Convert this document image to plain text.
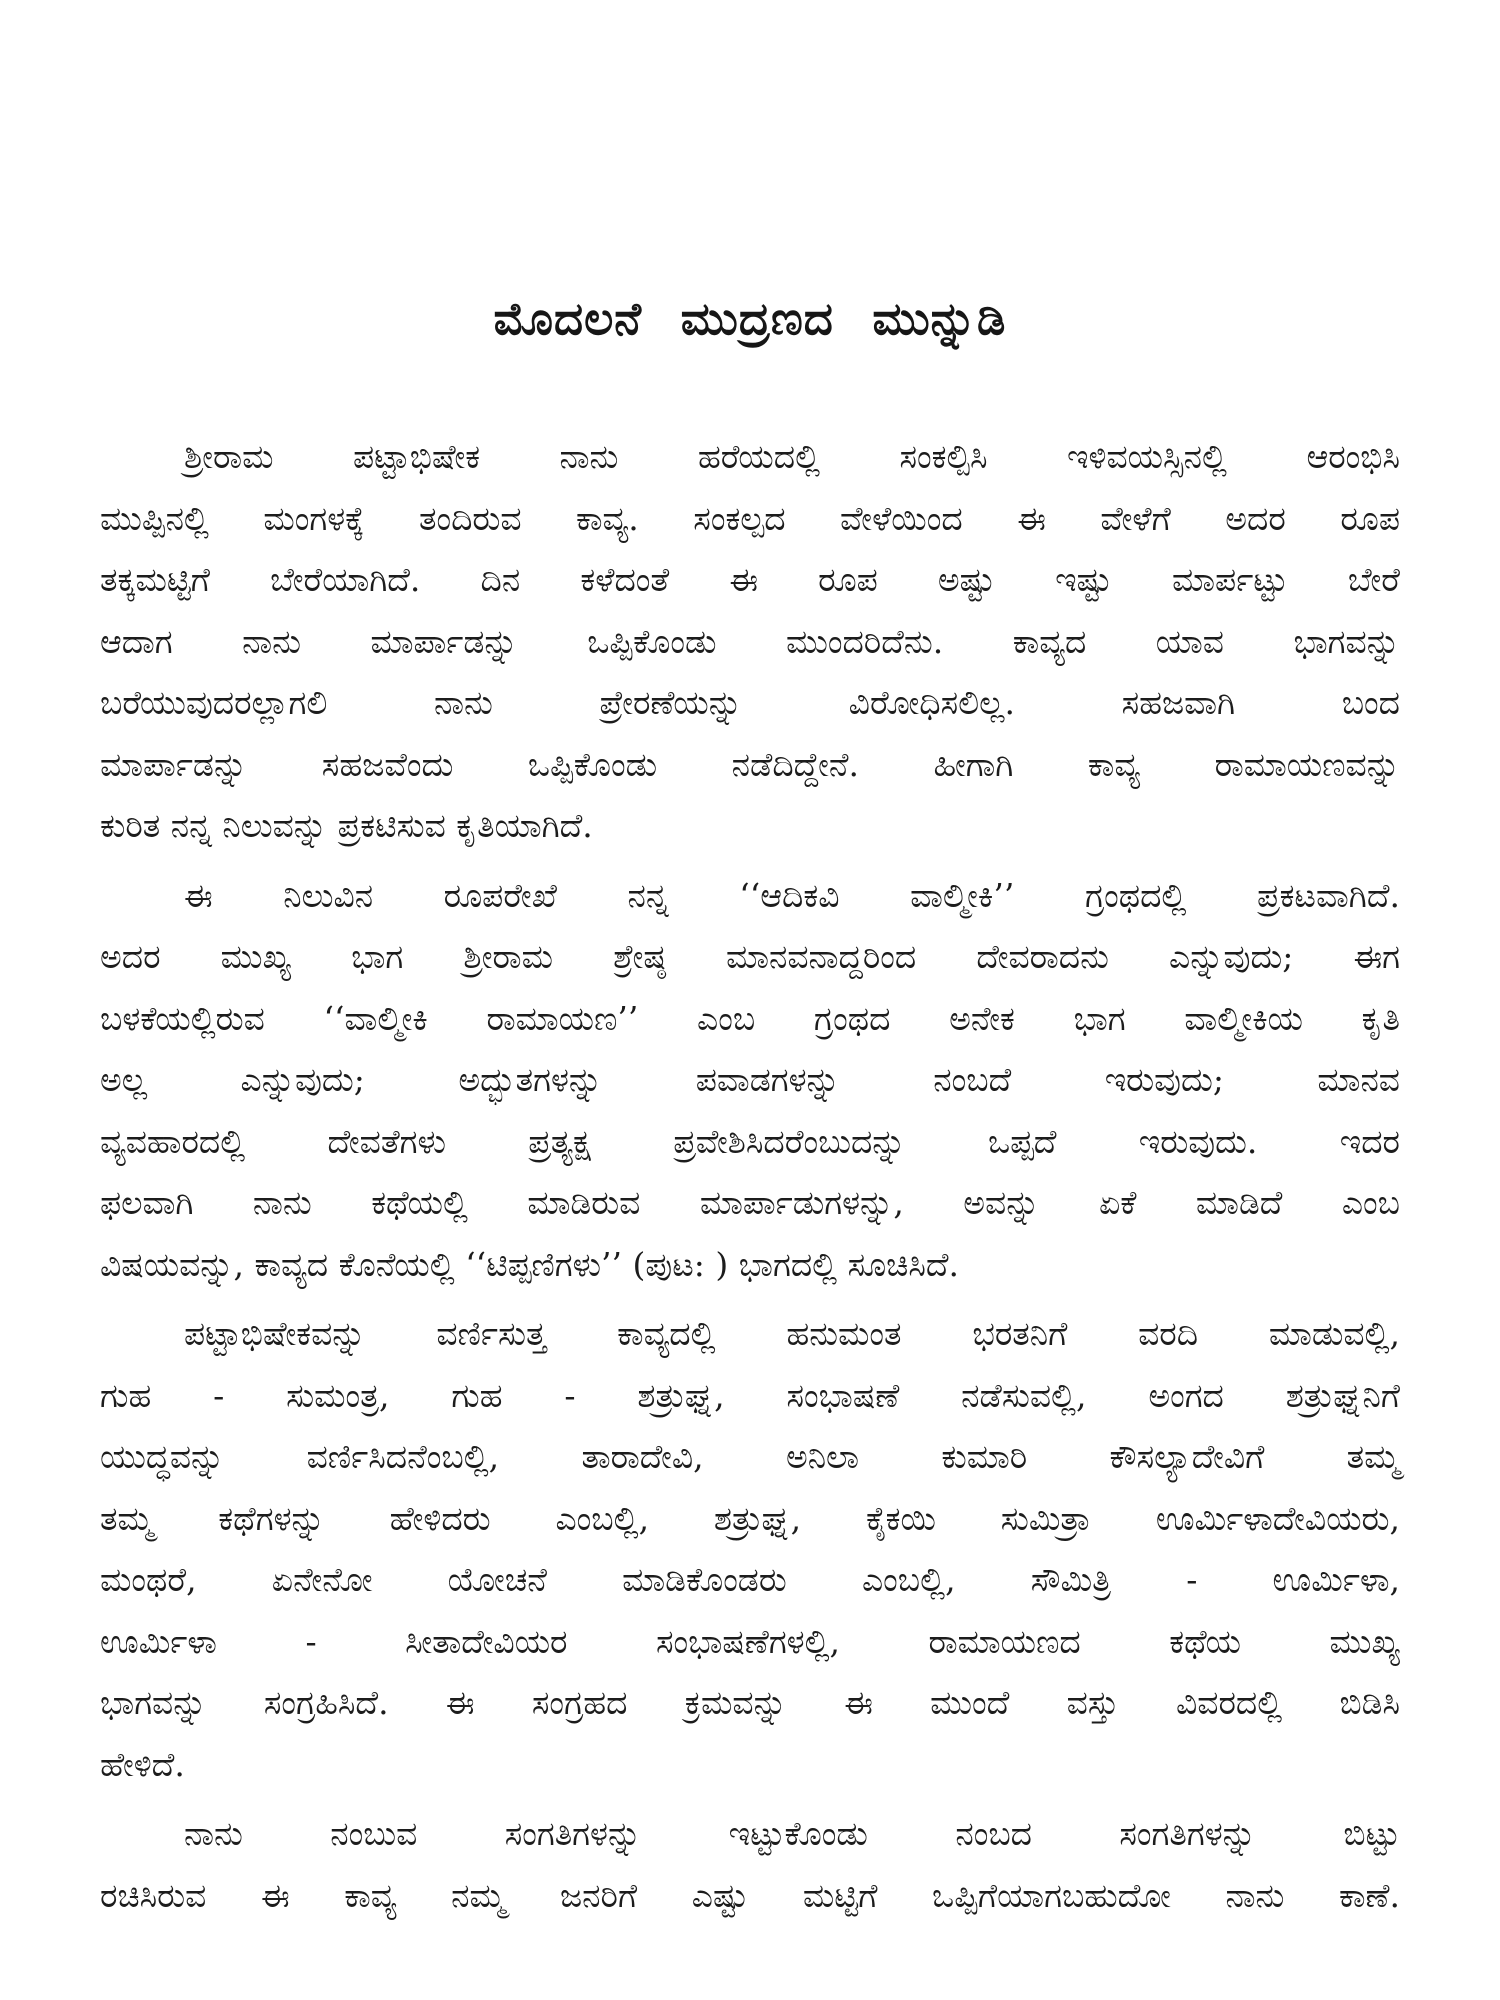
ಮೊದಲನೆ ಮುದ್ರಣದ ಮುನ್ನುಡಿ
ಶ್ರೀರಾಮ ಪಟ್ಟಾಭಿಷೇಕ ನಾನು ಹರೆಯದಲ್ಲಿ ಸಂಕಲ್ಪಿಸಿ ಇಳಿವಯಸ್ಸಿನಲ್ಲಿ ಆರಂಭಿಸಿ
ಮುಪ್ಪಿನಲ್ಲಿ ಮಂಗಳಕ್ಕೆ ತಂದಿರುವ ಕಾವ್ಯ. ಸಂಕಲ್ಪದ ವೇಳೆಯಿಂದ ಈ ವೇಳೆಗೆ ಅದರ ರೂಪ
ತಕ್ಕಮಟ್ಟಿಗೆ ಬೇರೆಯಾಗಿದೆ. ದಿನ ಕಳೆದಂತೆ ಈ ರೂಪ ಅಷ್ಟು ಇಷ್ಟು ಮಾರ್ಪಟ್ಟು ಬೇರೆ
ಆದಾಗ ನಾನು ಮಾರ್ಪಾಡನ್ನು ಒಪ್ಪಿಕೊಂಡು ಮುಂದರಿದೆನು. ಕಾವ್ಯದ ಯಾವ ಭಾಗವನ್ನು
ಬರೆಯುವುದರಲ್ಲಾಗಲಿ ನಾನು ಪ್ರೇರಣೆಯನ್ನು ವಿರೋಧಿಸಲಿಲ್ಲ. ಸಹಜವಾಗಿ ಬಂದ
ಮಾರ್ಪಾಡನ್ನು ಸಹಜವೆಂದು ಒಪ್ಪಿಕೊಂಡು ನಡೆದಿದ್ದೇನೆ. ಹೀಗಾಗಿ ಕಾವ್ಯ ರಾಮಾಯಣವನ್ನು
ಕುರಿತ ನನ್ನ ನಿಲುವನ್ನು ಪ್ರಕಟಿಸುವ ಕೃತಿಯಾಗಿದೆ.
ಈ ನಿಲುವಿನ ರೂಪರೇಖೆ ನನ್ನ ‘‘ಆದಿಕವಿ ವಾಲ್ಮೀಕಿ’’ ಗ್ರಂಥದಲ್ಲಿ ಪ್ರಕಟವಾಗಿದೆ.
ಅದರ ಮುಖ್ಯ ಭಾಗ ಶ್ರೀರಾಮ ಶ್ರೇಷ್ಠ ಮಾನವನಾದ್ದರಿಂದ ದೇವರಾದನು ಎನ್ನುವುದು; ಈಗ
ಬಳಕೆಯಲ್ಲಿರುವ ‘‘ವಾಲ್ಮೀಕಿ ರಾಮಾಯಣ’’ ಎಂಬ ಗ್ರಂಥದ ಅನೇಕ ಭಾಗ ವಾಲ್ಮೀಕಿಯ ಕೃತಿ
ಅಲ್ಲ ಎನ್ನುವುದು; ಅದ್ಭುತಗಳನ್ನು ಪವಾಡಗಳನ್ನು ನಂಬದೆ ಇರುವುದು; ಮಾನವ
ವ್ಯವಹಾರದಲ್ಲಿ ದೇವತೆಗಳು ಪ್ರತ್ಯಕ್ಷ ಪ್ರವೇಶಿಸಿದರೆಂಬುದನ್ನು ಒಪ್ಪದೆ ಇರುವುದು. ಇದರ
ಫಲವಾಗಿ ನಾನು ಕಥೆಯಲ್ಲಿ ಮಾಡಿರುವ ಮಾರ್ಪಾಡುಗಳನ್ನು, ಅವನ್ನು ಏಕೆ ಮಾಡಿದೆ ಎಂಬ
ವಿಷಯವನ್ನು, ಕಾವ್ಯದ ಕೊನೆಯಲ್ಲಿ ‘‘ಟಿಪ್ಪಣಿಗಳು’’ (ಪುಟ: ) ಭಾಗದಲ್ಲಿ ಸೂಚಿಸಿದೆ.
ಪಟ್ಟಾಭಿಷೇಕವನ್ನು ವರ್ಣಿಸುತ್ತ ಕಾವ್ಯದಲ್ಲಿ ಹನುಮಂತ ಭರತನಿಗೆ ವರದಿ ಮಾಡುವಲ್ಲಿ,
ಗುಹ - ಸುಮಂತ್ರ, ಗುಹ - ಶತ್ರುಘ್ನ, ಸಂಭಾಷಣೆ ನಡೆಸುವಲ್ಲಿ, ಅಂಗದ ಶತ್ರುಘ್ನನಿಗೆ
ಯುದ್ಧವನ್ನು ವರ್ಣಿಸಿದನೆಂಬಲ್ಲಿ, ತಾರಾದೇವಿ, ಅನಿಲಾ ಕುಮಾರಿ ಕೌಸಲ್ಯಾದೇವಿಗೆ ತಮ್ಮ
ತಮ್ಮ ಕಥೆಗಳನ್ನು ಹೇಳಿದರು ಎಂಬಲ್ಲಿ, ಶತ್ರುಘ್ನ, ಕೈಕಯಿ ಸುಮಿತ್ರಾ ಊರ್ಮಿಳಾದೇವಿಯರು,
ಮಂಥರೆ, ಏನೇನೋ ಯೋಚನೆ ಮಾಡಿಕೊಂಡರು ಎಂಬಲ್ಲಿ, ಸೌಮಿತ್ರಿ - ಊರ್ಮಿಳಾ,
ಊರ್ಮಿಳಾ - ಸೀತಾದೇವಿಯರ ಸಂಭಾಷಣೆಗಳಲ್ಲಿ, ರಾಮಾಯಣದ ಕಥೆಯ ಮುಖ್ಯ
ಭಾಗವನ್ನು ಸಂಗ್ರಹಿಸಿದೆ. ಈ ಸಂಗ್ರಹದ ಕ್ರಮವನ್ನು ಈ ಮುಂದೆ ವಸ್ತು ವಿವರದಲ್ಲಿ ಬಿಡಿಸಿ
ಹೇಳಿದೆ.
ನಾನು ನಂಬುವ ಸಂಗತಿಗಳನ್ನು ಇಟ್ಟುಕೊಂಡು ನಂಬದ ಸಂಗತಿಗಳನ್ನು ಬಿಟ್ಟು
ರಚಿಸಿರುವ ಈ ಕಾವ್ಯ ನಮ್ಮ ಜನರಿಗೆ ಎಷ್ಟು ಮಟ್ಟಿಗೆ ಒಪ್ಪಿಗೆಯಾಗಬಹುದೋ ನಾನು ಕಾಣೆ.
